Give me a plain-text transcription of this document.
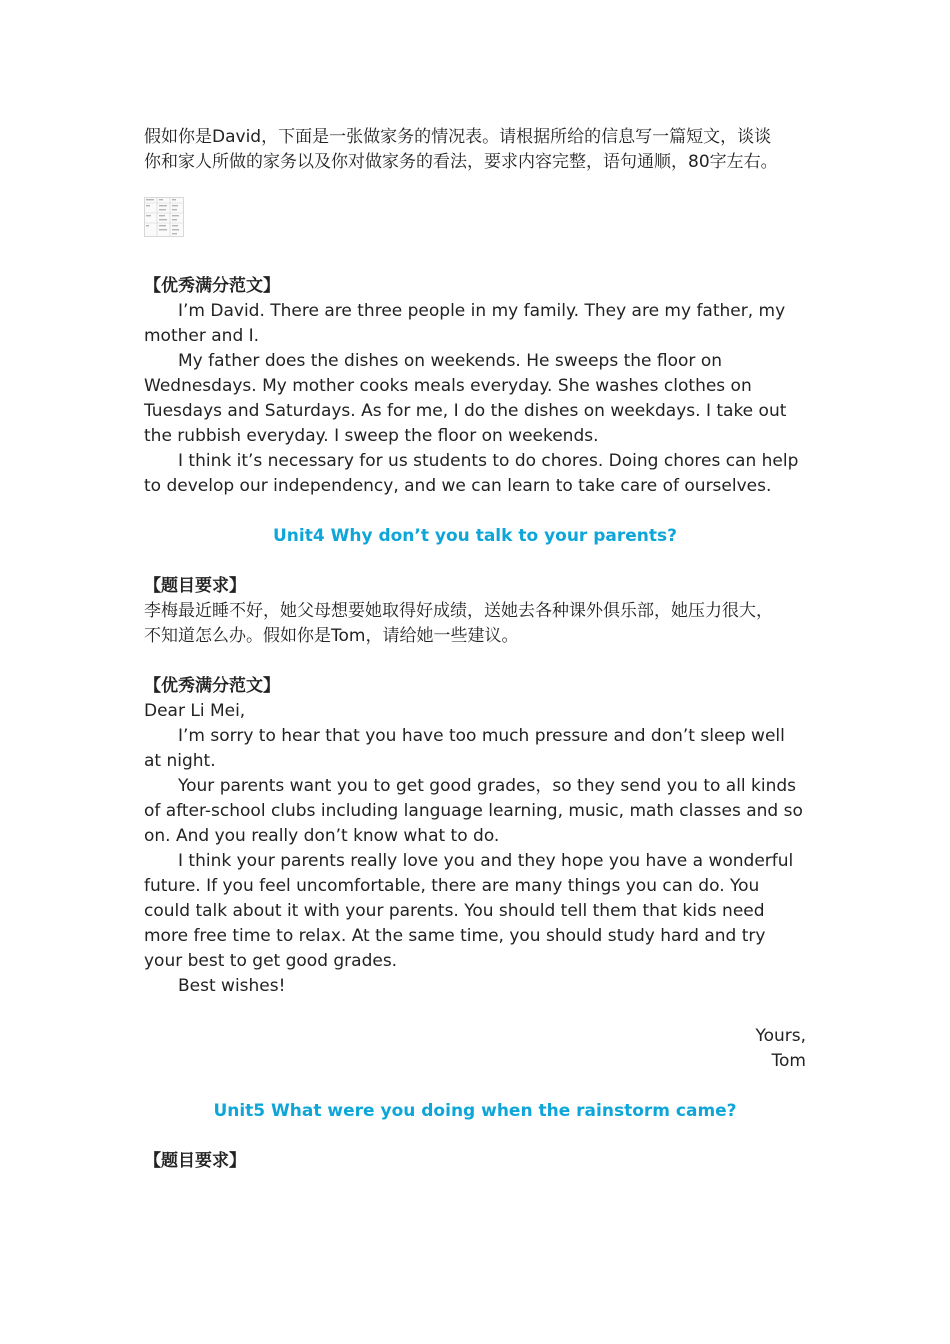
假如你是David，下面是一张做家务的情况表。请根据所给的信息写一篇短文，谈谈

你和家人所做的家务以及你对做家务的看法，要求内容完整，语句通顺，80字左右。

【优秀满分范文】

I’m David. There are three people in my family. They are my father, my mother and I.

My father does the dishes on weekends. He sweeps the floor on Wednesdays. My mother cooks meals everyday. She washes clothes on Tuesdays and Saturdays. As for me, I do the dishes on weekdays. I take out the rubbish everyday. I sweep the floor on weekends.

I think it’s necessary for us students to do chores. Doing chores can help to develop our independency, and we can learn to take care of ourselves.

Unit4 Why don’t you talk to your parents?

【题目要求】

李梅最近睡不好，她父母想要她取得好成绩，送她去各种课外俱乐部，她压力很大，

不知道怎么办。假如你是Tom，请给她一些建议。

【优秀满分范文】

Dear Li Mei,

I’m sorry to hear that you have too much pressure and don’t sleep well at night.

Your parents want you to get good grades，so they send you to all kinds of after-school clubs including language learning, music, math classes and so on. And you really don’t know what to do.

I think your parents really love you and they hope you have a wonderful future. If you feel uncomfortable, there are many things you can do. You could talk about it with your parents. You should tell them that kids need more free time to relax. At the same time, you should study hard and try your best to get good grades.

Best wishes!

Yours,

Tom

Unit5 What were you doing when the rainstorm came?

【题目要求】
